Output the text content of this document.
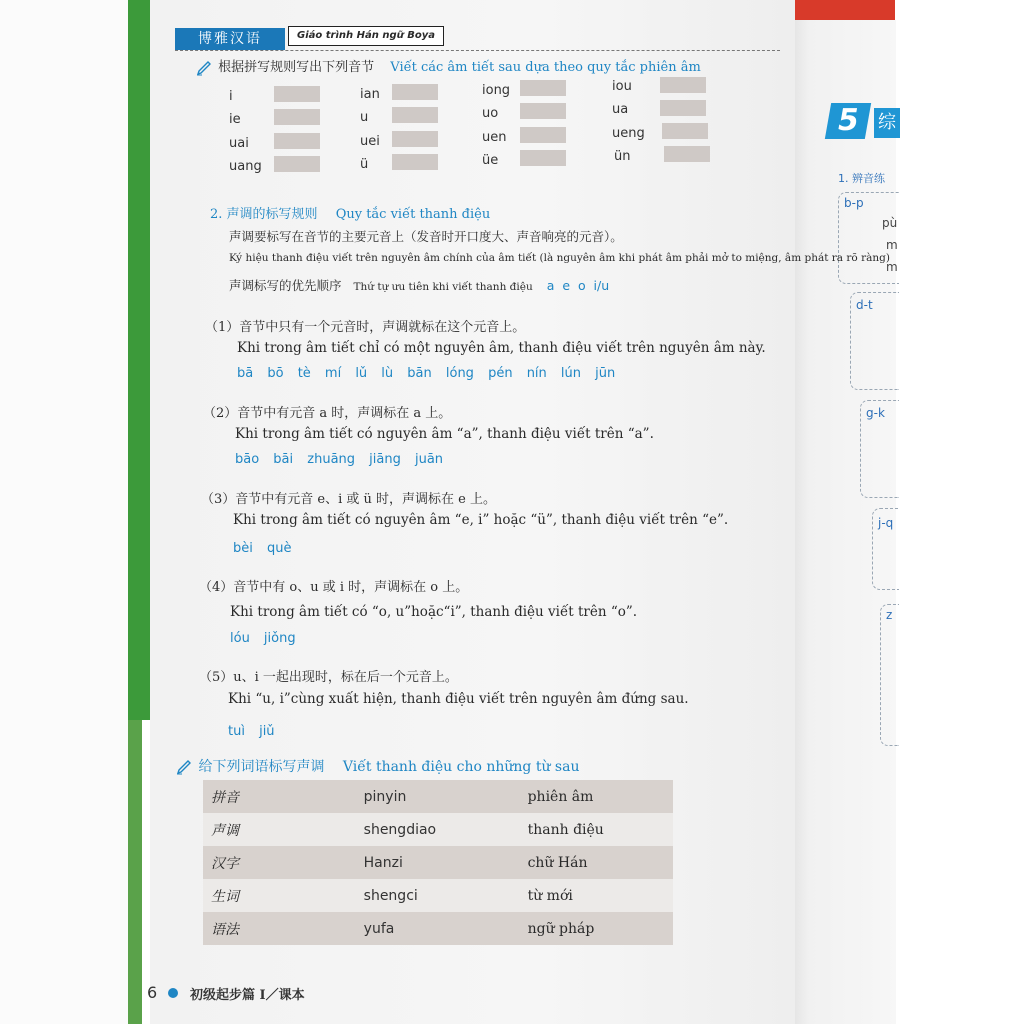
5 综
1. 辨音练
b-p
pù
m
m
d-t
g-k
j-q
z
博雅汉语	Giáo trình Hán ngữ Boya
根据拼写规则写出下列音节 Viết các âm tiết sau dựa theo quy tắc phiên âm
i	ian	iong	iou
ie	u	uo	ua
uai	uei	uen	ueng
uang	ü	üe	ün
2. 声调的标写规则 Quy tắc viết thanh điệu
声调要标写在音节的主要元音上（发音时开口度大、声音响亮的元音）。
Ký hiệu thanh điệu viết trên nguyên âm chính của âm tiết (là nguyên âm khi phát âm phải mở to miệng, âm phát ra rõ ràng)
声调标写的优先顺序 Thứ tự ưu tiên khi viết thanh điệu a  e  o  i/u
（1）音节中只有一个元音时，声调就标在这个元音上。
Khi trong âm tiết chỉ có một nguyên âm, thanh điệu viết trên nguyên âm này.
bā bō tè mí lǔ lù bān lóng pén nín lún jūn
（2）音节中有元音 a 时，声调标在 a 上。
Khi trong âm tiết có nguyên âm “a”, thanh điệu viết trên “a”.
bāo bāi zhuāng jiāng juān
（3）音节中有元音 e、i 或 ü 时，声调标在 e 上。
Khi trong âm tiết có nguyên âm “e, i” hoặc “ü”, thanh điệu viết trên “e”.
bèi què
（4）音节中有 o、u 或 i 时，声调标在 o 上。
Khi trong âm tiết có “o, u”hoặc“i”, thanh điệu viết trên “o”.
lóu jiǒng
（5）u、i 一起出现时，标在后一个元音上。
Khi “u, i”cùng xuất hiện, thanh điệu viết trên nguyên âm đứng sau.
tuì jiǔ
给下列词语标写声调 Viết thanh điệu cho những từ sau
拼音	pinyin	phiên âm
声调	shengdiao	thanh điệu
汉字	Hanzi	chữ Hán
生词	shengci	từ mới
语法	yufa	ngữ pháp
6	初级起步篇 Ⅰ／课本
